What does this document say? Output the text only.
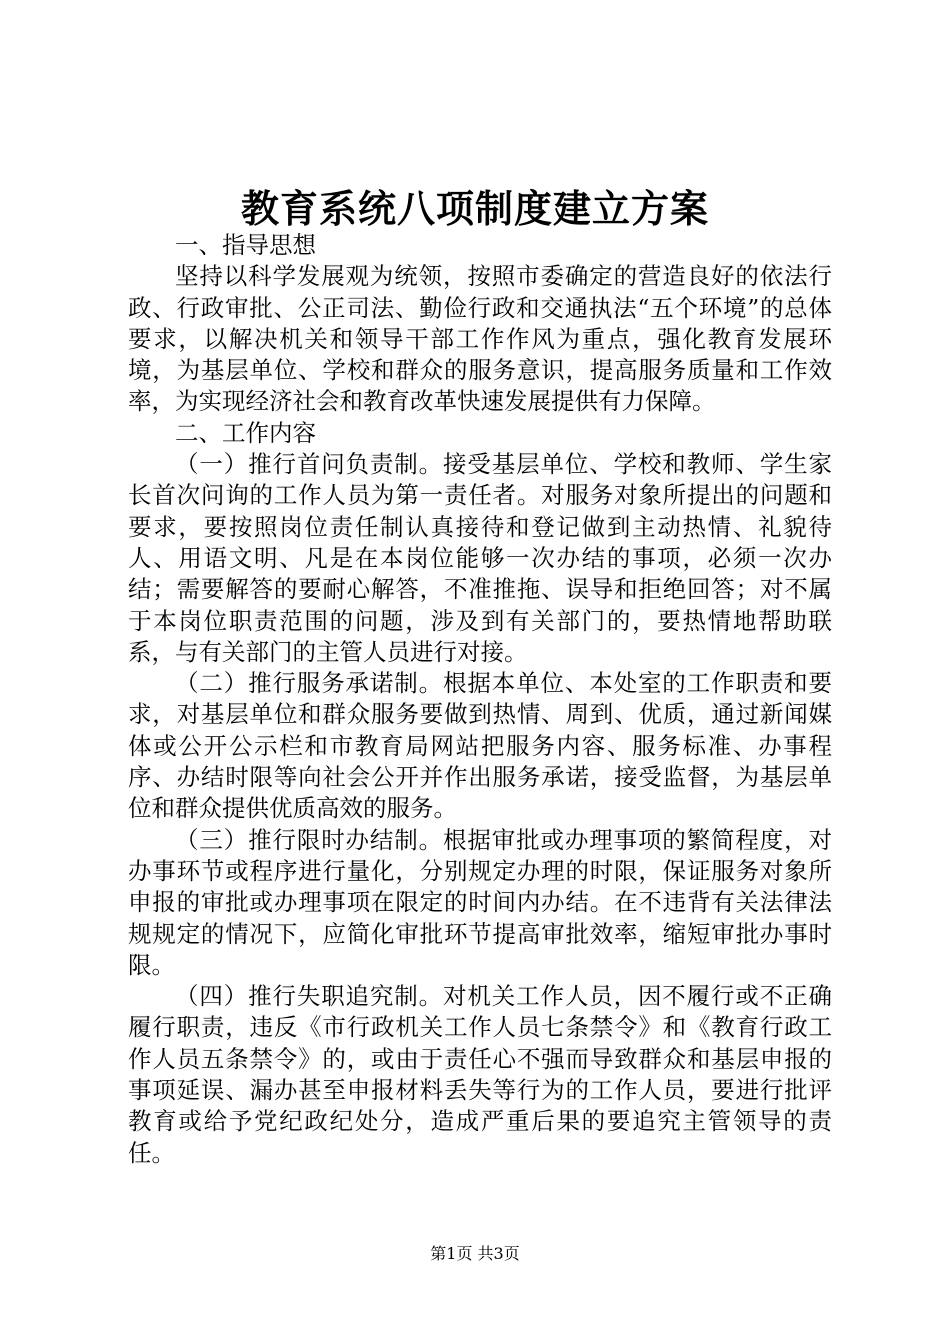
教育系统八项制度建立方案

一、指导思想

坚持以科学发展观为统领，按照市委确定的营造良好的依法行政、行政审批、公正司法、勤俭行政和交通执法“五个环境”的总体要求，以解决机关和领导干部工作作风为重点，强化教育发展环境，为基层单位、学校和群众的服务意识，提高服务质量和工作效率，为实现经济社会和教育改革快速发展提供有力保障。

二、工作内容

（一）推行首问负责制。接受基层单位、学校和教师、学生家长首次问询的工作人员为第一责任者。对服务对象所提出的问题和要求，要按照岗位责任制认真接待和登记做到主动热情、礼貌待人、用语文明、凡是在本岗位能够一次办结的事项，必须一次办结；需要解答的要耐心解答，不准推拖、误导和拒绝回答；对不属于本岗位职责范围的问题，涉及到有关部门的，要热情地帮助联系，与有关部门的主管人员进行对接。

（二）推行服务承诺制。根据本单位、本处室的工作职责和要求，对基层单位和群众服务要做到热情、周到、优质，通过新闻媒体或公开公示栏和市教育局网站把服务内容、服务标准、办事程序、办结时限等向社会公开并作出服务承诺，接受监督，为基层单位和群众提供优质高效的服务。

（三）推行限时办结制。根据审批或办理事项的繁简程度，对办事环节或程序进行量化，分别规定办理的时限，保证服务对象所申报的审批或办理事项在限定的时间内办结。在不违背有关法律法规规定的情况下，应简化审批环节提高审批效率，缩短审批办事时限。

（四）推行失职追究制。对机关工作人员，因不履行或不正确履行职责，违反《市行政机关工作人员七条禁令》和《教育行政工作人员五条禁令》的，或由于责任心不强而导致群众和基层申报的事项延误、漏办甚至申报材料丢失等行为的工作人员，要进行批评教育或给予党纪政纪处分，造成严重后果的要追究主管领导的责任。

第1页 共3页
